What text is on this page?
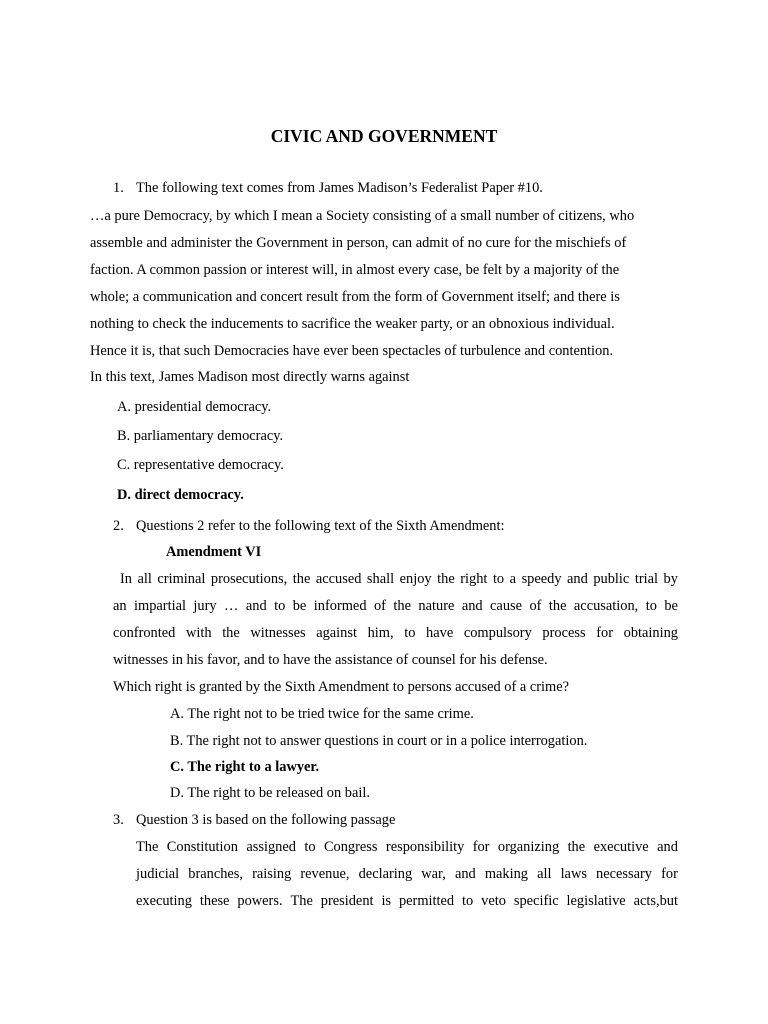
CIVIC AND GOVERNMENT
1. The following text comes from James Madison’s Federalist Paper #10.
…a pure Democracy, by which I mean a Society consisting of a small number of citizens, who
assemble and administer the Government in person, can admit of no cure for the mischiefs of
faction. A common passion or interest will, in almost every case, be felt by a majority of the
whole; a communication and concert result from the form of Government itself; and there is
nothing to check the inducements to sacrifice the weaker party, or an obnoxious individual.
Hence it is, that such Democracies have ever been spectacles of turbulence and contention.
In this text, James Madison most directly warns against
A. presidential democracy.
B. parliamentary democracy.
C. representative democracy.
D. direct democracy.
2. Questions 2 refer to the following text of the Sixth Amendment:
Amendment VI
In all criminal prosecutions, the accused shall enjoy the right to a speedy and public trial by
an impartial jury … and to be informed of the nature and cause of the accusation, to be
confronted with the witnesses against him, to have compulsory process for obtaining
witnesses in his favor, and to have the assistance of counsel for his defense.
Which right is granted by the Sixth Amendment to persons accused of a crime?
A. The right not to be tried twice for the same crime.
B. The right not to answer questions in court or in a police interrogation.
C. The right to a lawyer.
D. The right to be released on bail.
3. Question 3 is based on the following passage
The Constitution assigned to Congress responsibility for organizing the executive and
judicial branches, raising revenue, declaring war, and making all laws necessary for
executing these powers. The president is permitted to veto specific legislative acts,but
